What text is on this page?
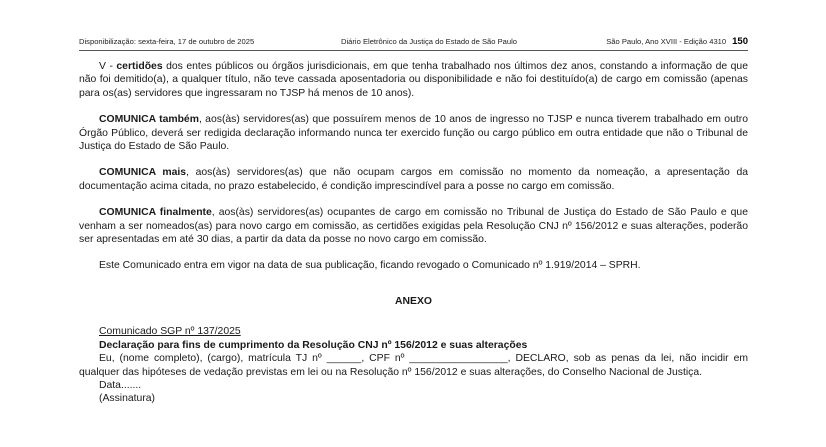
Disponibilização: sexta-feira, 17 de outubro de 2025	Diário Eletrônico da Justiça do Estado de São Paulo	São Paulo, Ano XVIII - Edição 4310 150

V - certidões dos entes públicos ou órgãos jurisdicionais, em que tenha trabalhado nos últimos dez anos, constando a informação de que não foi demitido(a), a qualquer título, não teve cassada aposentadoria ou disponibilidade e não foi destituído(a) de cargo em comissão (apenas para os(as) servidores que ingressaram no TJSP há menos de 10 anos).

COMUNICA também, aos(às) servidores(as) que possuírem menos de 10 anos de ingresso no TJSP e nunca tiverem trabalhado em outro Órgão Público, deverá ser redigida declaração informando nunca ter exercido função ou cargo público em outra entidade que não o Tribunal de Justiça do Estado de São Paulo.

COMUNICA mais, aos(às) servidores(as) que não ocupam cargos em comissão no momento da nomeação, a apresentação da documentação acima citada, no prazo estabelecido, é condição imprescindível para a posse no cargo em comissão.

COMUNICA finalmente, aos(às) servidores(as) ocupantes de cargo em comissão no Tribunal de Justiça do Estado de São Paulo e que venham a ser nomeados(as) para novo cargo em comissão, as certidões exigidas pela Resolução CNJ nº 156/2012 e suas alterações, poderão ser apresentadas em até 30 dias, a partir da data da posse no novo cargo em comissão.

Este Comunicado entra em vigor na data de sua publicação, ficando revogado o Comunicado nº 1.919/2014 – SPRH.

ANEXO
Comunicado SGP nº 137/2025
Declaração para fins de cumprimento da Resolução CNJ nº 156/2012 e suas alterações
Eu, (nome completo), (cargo), matrícula TJ nº ______, CPF nº _________________, DECLARO, sob as penas da lei, não incidir em qualquer das hipóteses de vedação previstas em lei ou na Resolução nº 156/2012 e suas alterações, do Conselho Nacional de Justiça.
Data.......
(Assinatura)
